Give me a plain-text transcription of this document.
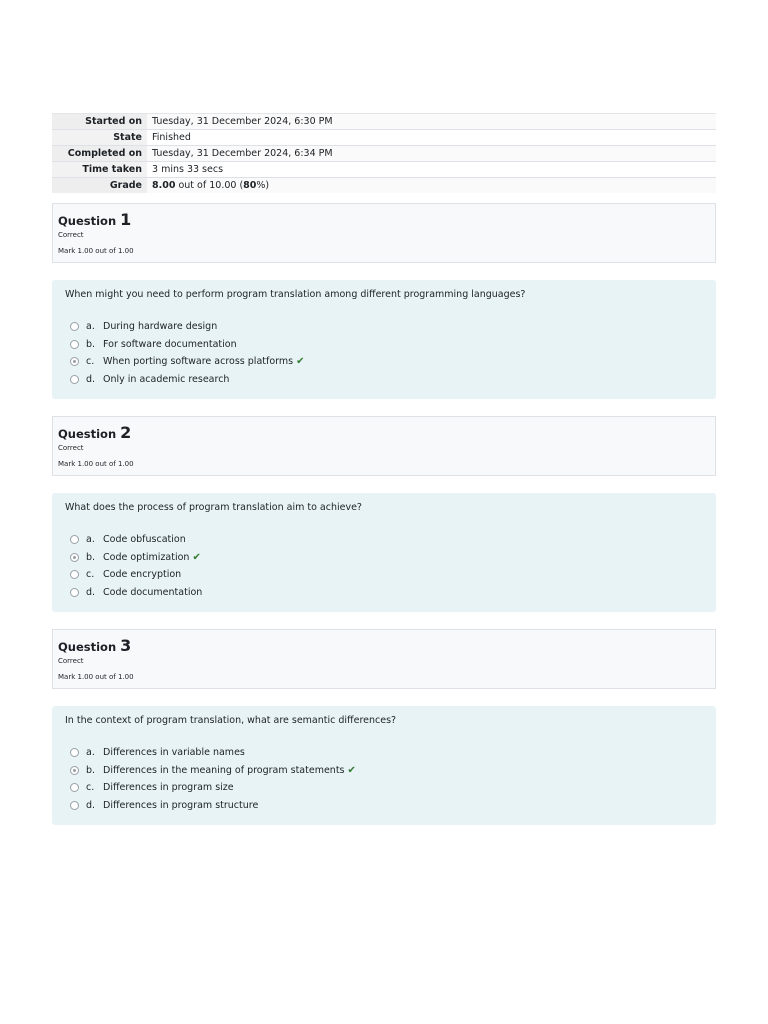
Started on	Tuesday, 31 December 2024, 6:30 PM
State	Finished
Completed on	Tuesday, 31 December 2024, 6:34 PM
Time taken	3 mins 33 secs
Grade	8.00 out of 10.00 (80%)
Question 1
Correct
Mark 1.00 out of 1.00
When might you need to perform program translation among different programming languages?
a. During hardware design
b. For software documentation
c. When porting software across platforms ✔
d. Only in academic research
Question 2
Correct
Mark 1.00 out of 1.00
What does the process of program translation aim to achieve?
a. Code obfuscation
b. Code optimization ✔
c. Code encryption
d. Code documentation
Question 3
Correct
Mark 1.00 out of 1.00
In the context of program translation, what are semantic differences?
a. Differences in variable names
b. Differences in the meaning of program statements ✔
c. Differences in program size
d. Differences in program structure
